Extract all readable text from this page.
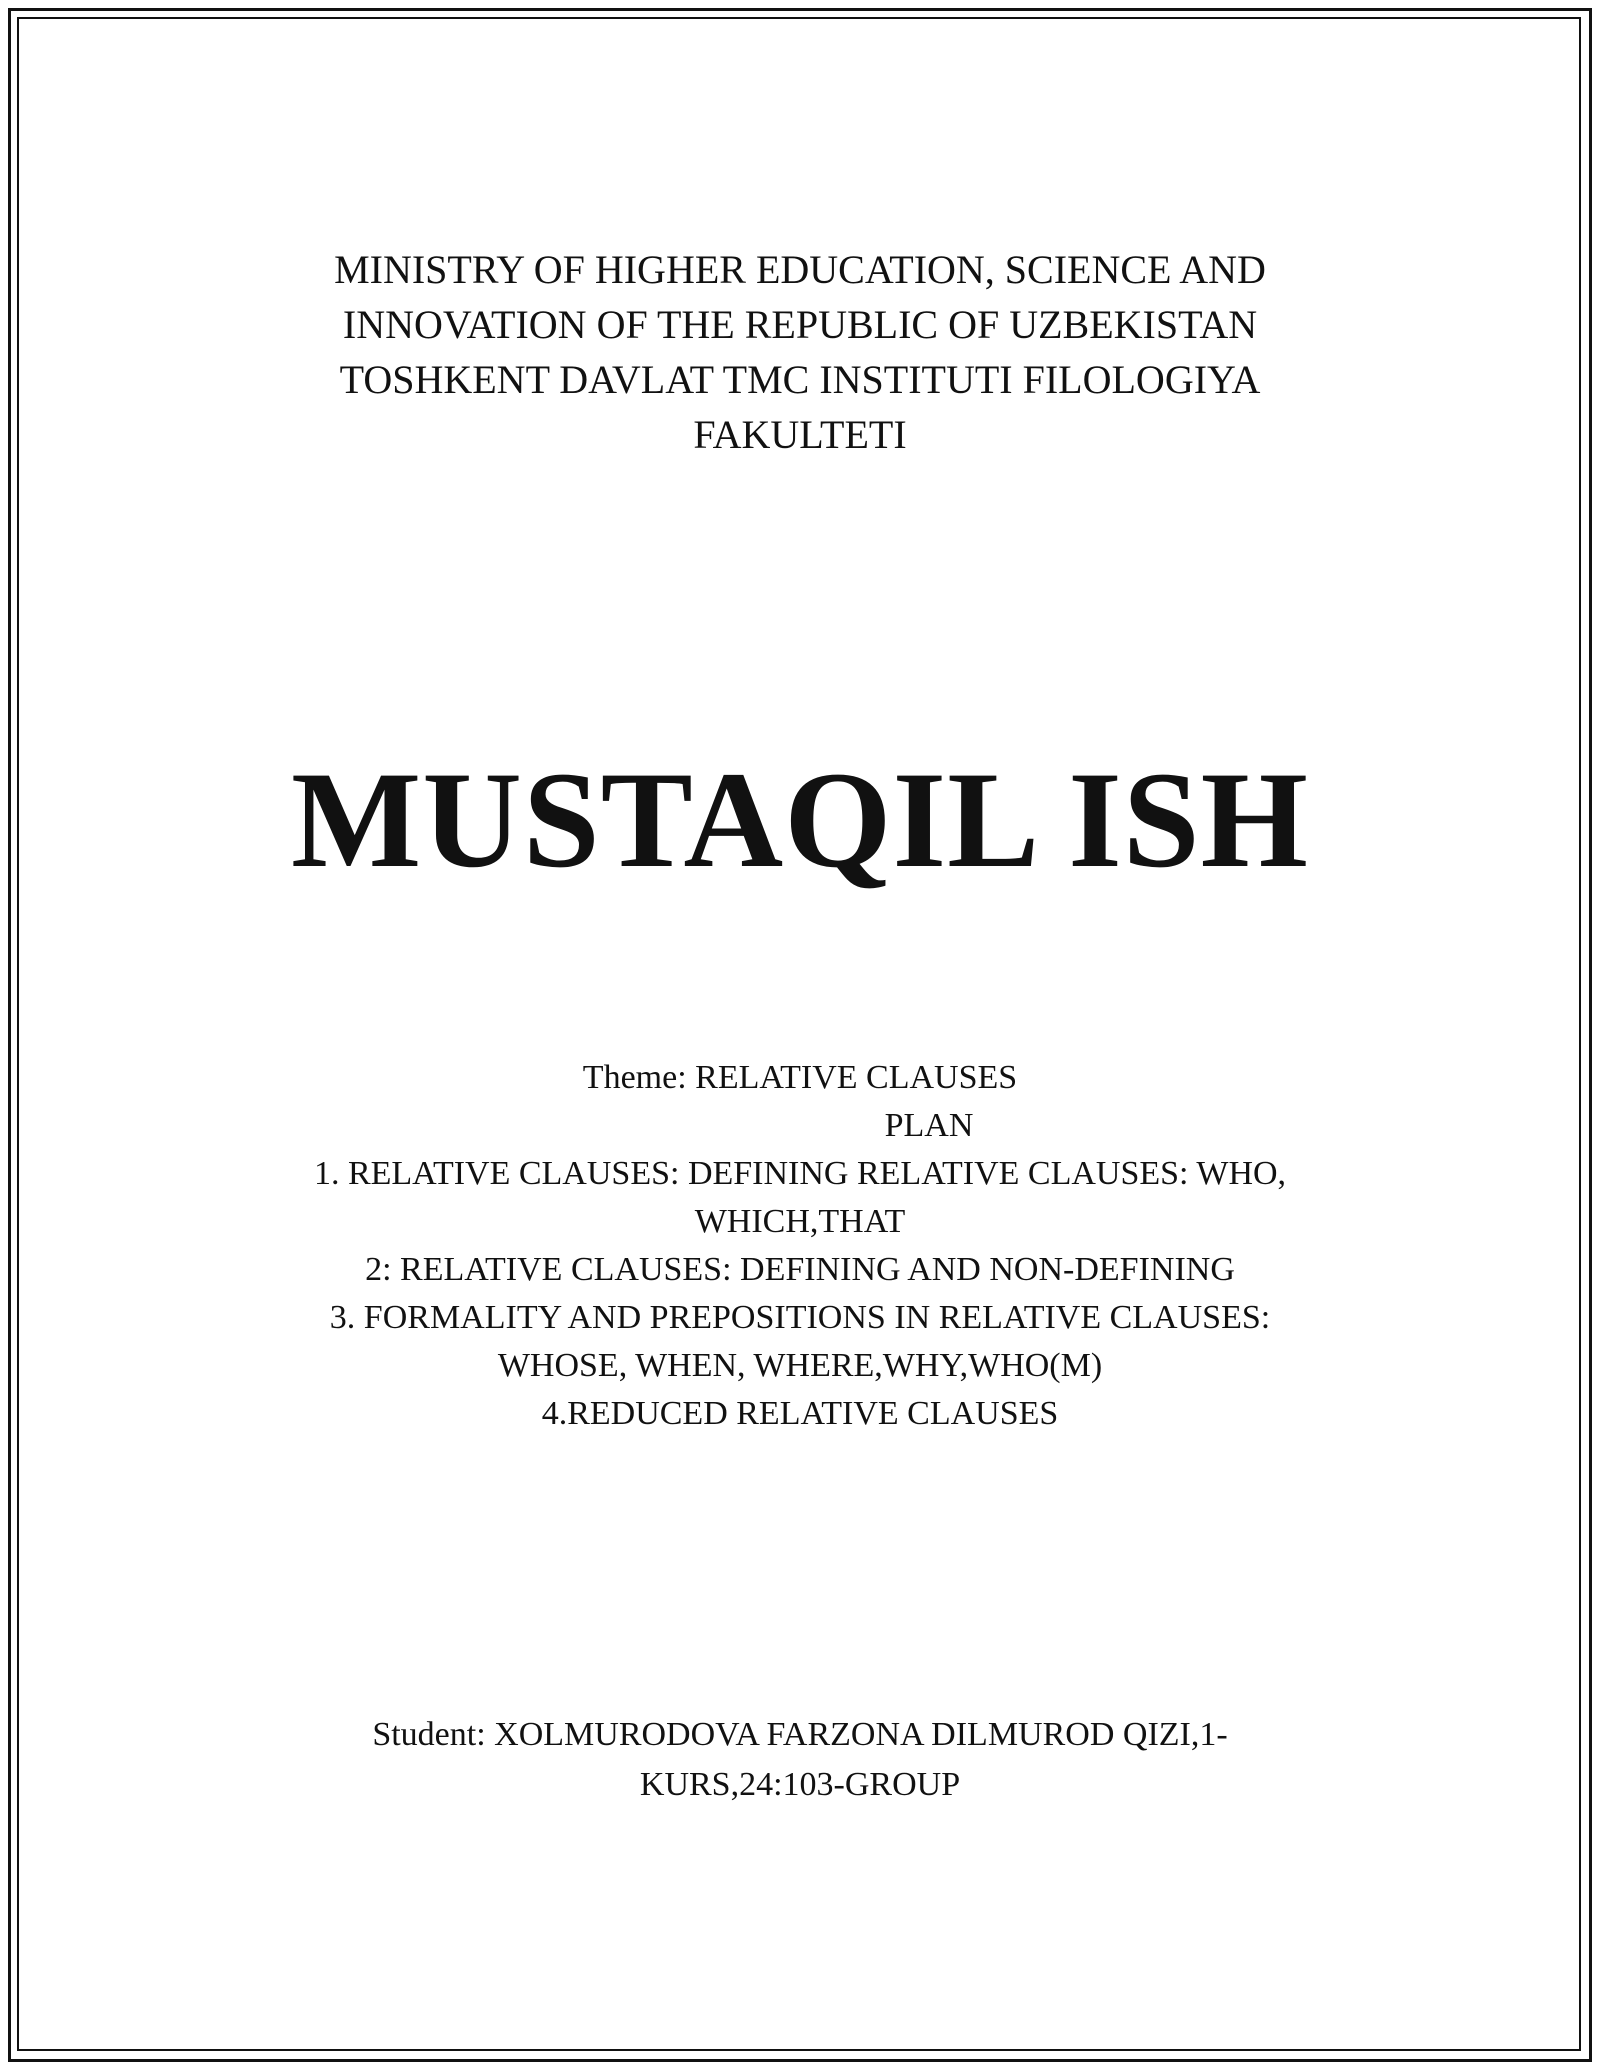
MINISTRY OF HIGHER EDUCATION, SCIENCE AND
INNOVATION OF THE REPUBLIC OF UZBEKISTAN
TOSHKENT DAVLAT TMC INSTITUTI FILOLOGIYA
FAKULTETI
MUSTAQIL ISH
Theme: RELATIVE CLAUSES
PLAN
1. RELATIVE CLAUSES: DEFINING RELATIVE CLAUSES: WHO,
WHICH,THAT
2: RELATIVE CLAUSES: DEFINING AND NON-DEFINING
3. FORMALITY AND PREPOSITIONS IN RELATIVE CLAUSES:
WHOSE, WHEN, WHERE,WHY,WHO(M)
4.REDUCED RELATIVE CLAUSES
Student: XOLMURODOVA FARZONA DILMUROD QIZI,1-
KURS,24:103-GROUP
